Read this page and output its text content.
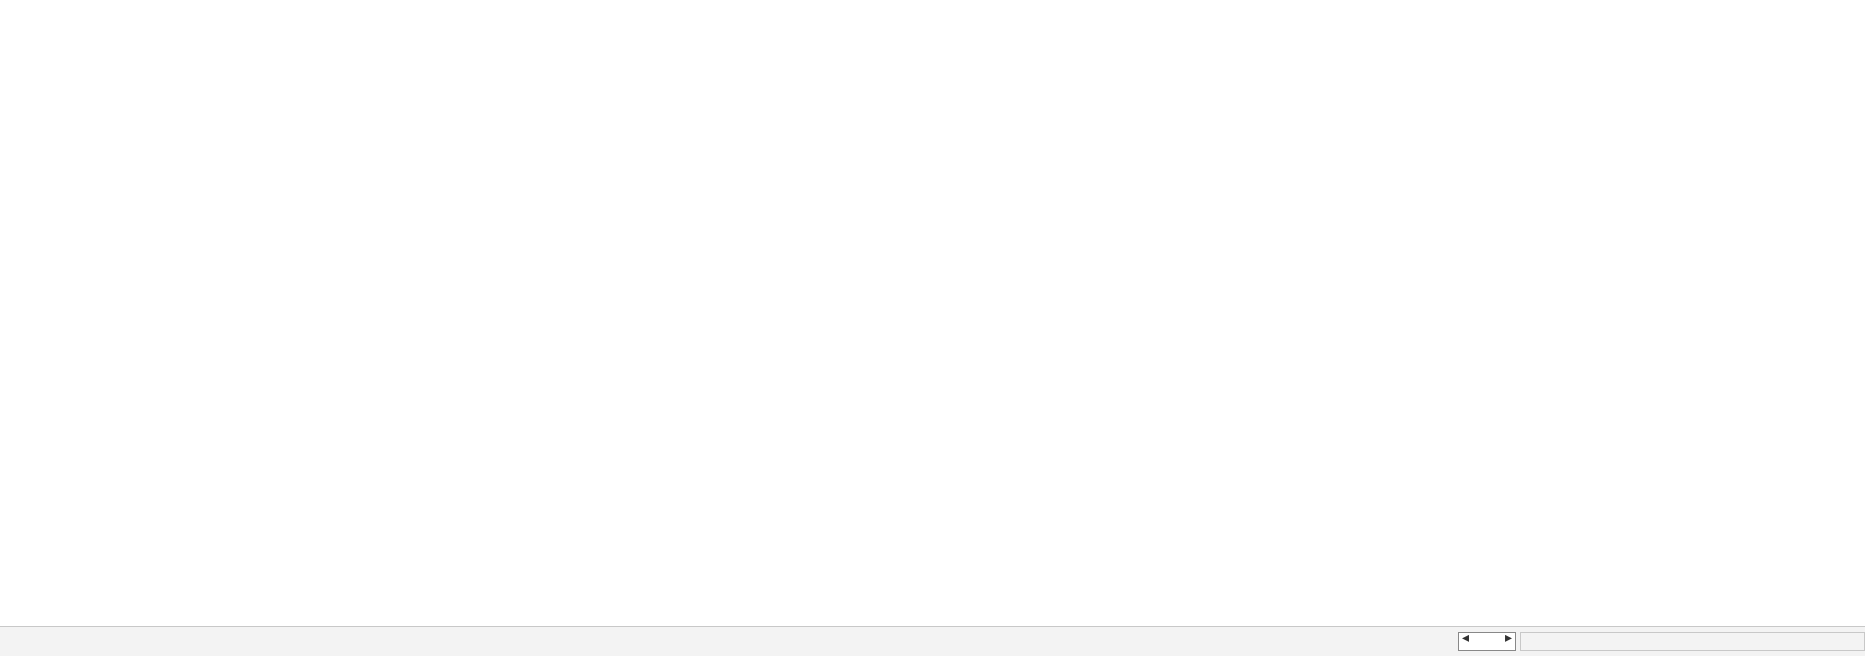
◂	▸
